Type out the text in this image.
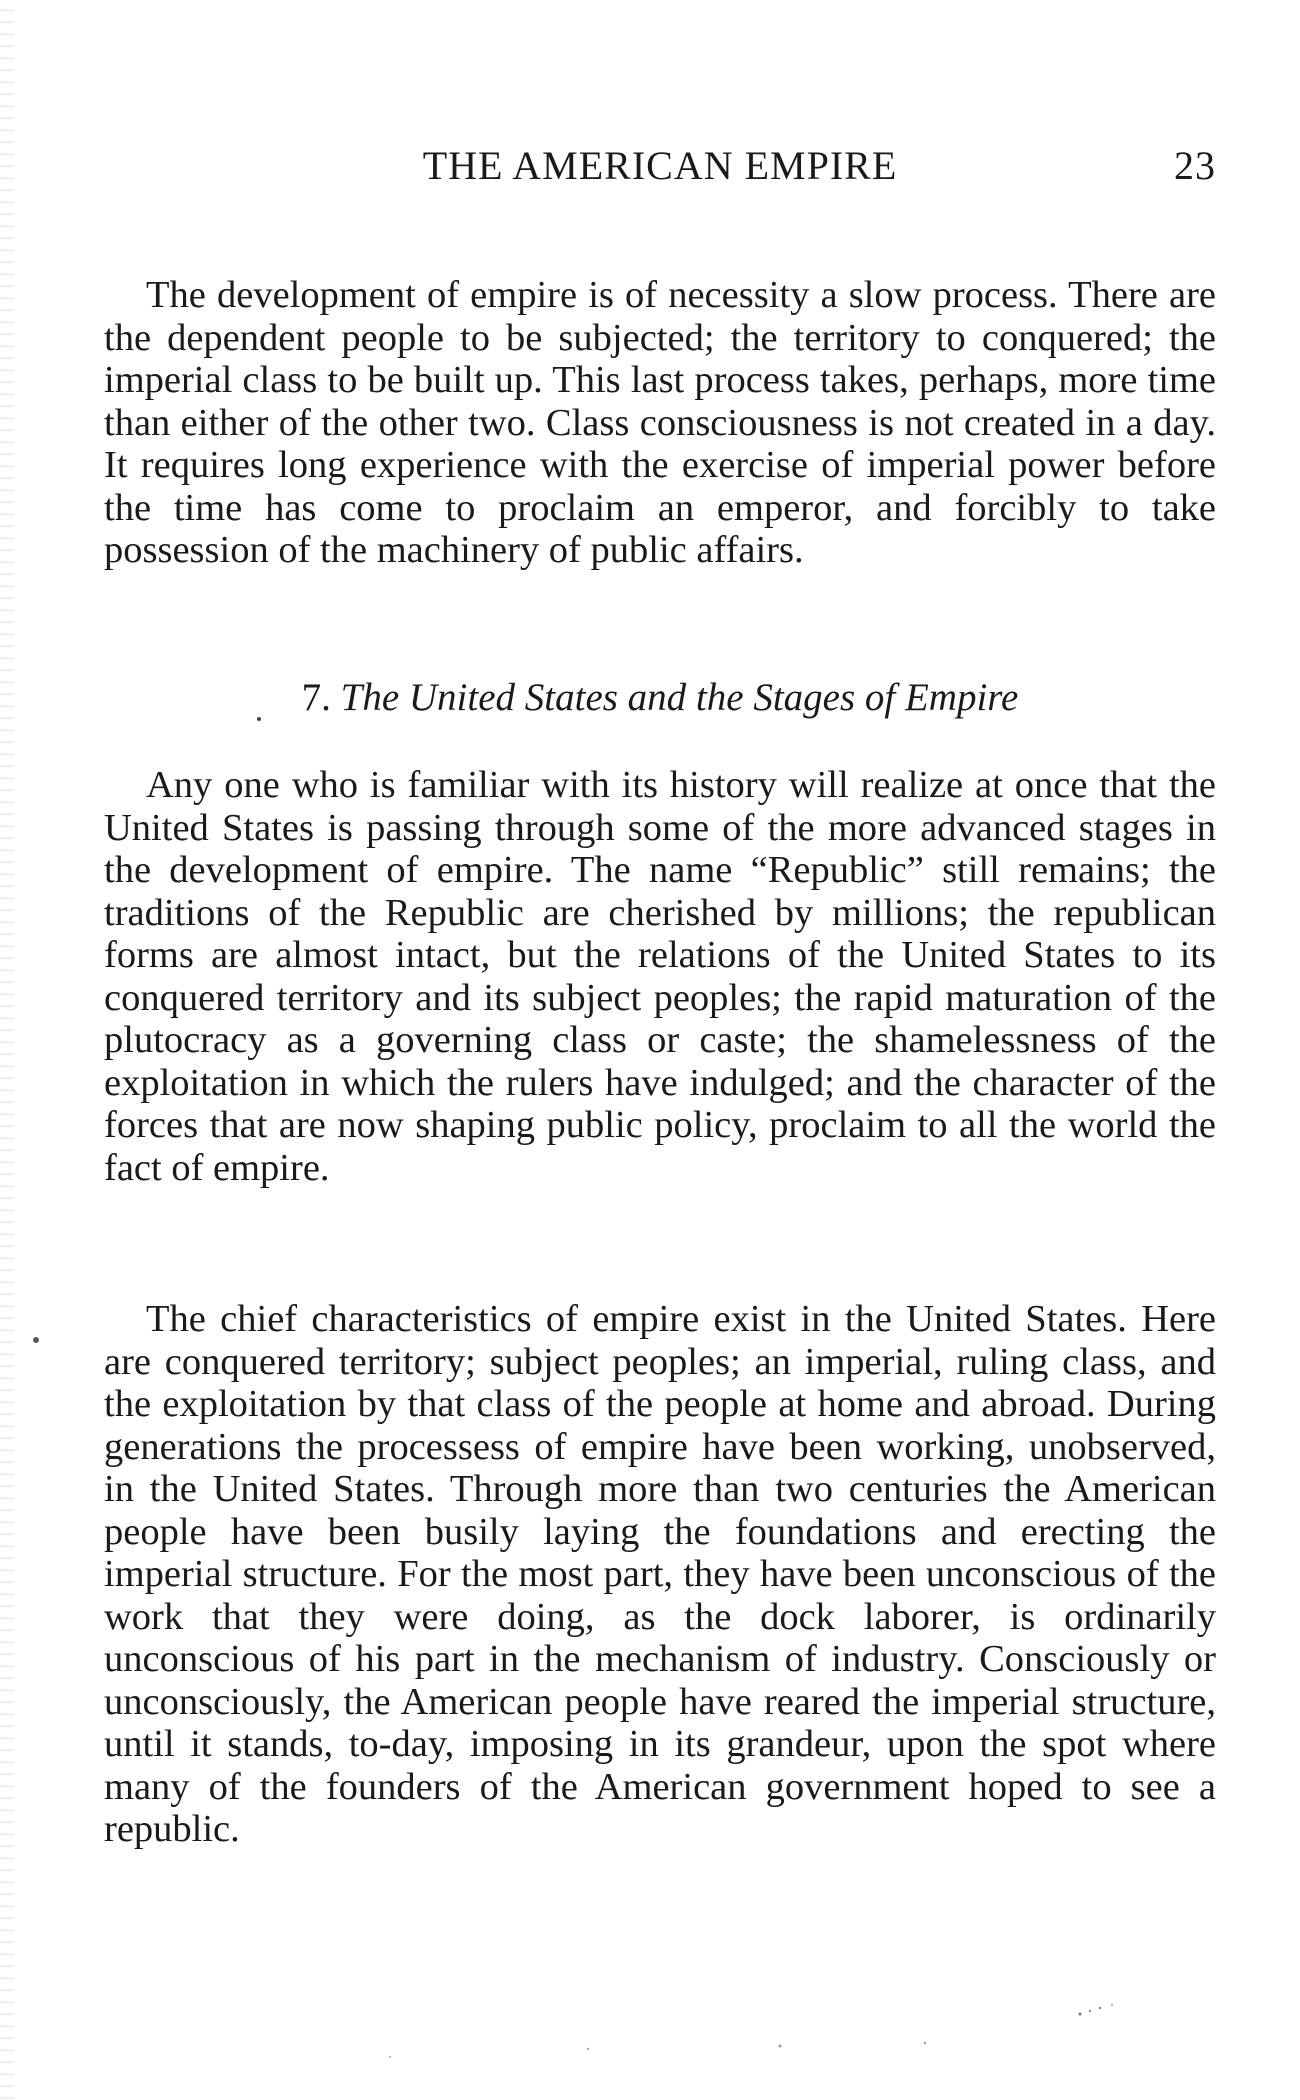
THE AMERICAN EMPIRE	23

The development of empire is of necessity a slow process. There are the dependent people to be subjected; the territory to conquered; the imperial class to be built up. This last process takes, perhaps, more time than either of the other two. Class consciousness is not created in a day. It requires long experience with the exercise of imperial power before the time has come to proclaim an emperor, and forcibly to take possession of the machinery of public affairs.

7. The United States and the Stages of Empire

Any one who is familiar with its history will realize at once that the United States is passing through some of the more advanced stages in the development of empire. The name “Republic” still remains; the traditions of the Republic are cherished by millions; the republican forms are almost intact, but the relations of the United States to its conquered territory and its subject peoples; the rapid maturation of the plutocracy as a governing class or caste; the shamelessness of the exploitation in which the rulers have indulged; and the character of the forces that are now shaping public policy, proclaim to all the world the fact of empire.

The chief characteristics of empire exist in the United States. Here are conquered territory; subject peoples; an imperial, ruling class, and the exploitation by that class of the people at home and abroad. During generations the processess of empire have been working, unobserved, in the United States. Through more than two centuries the American people have been busily laying the foundations and erecting the imperial structure. For the most part, they have been unconscious of the work that they were doing, as the dock laborer, is ordinarily unconscious of his part in the mechanism of industry. Consciously or unconsciously, the American people have reared the imperial structure, until it stands, to-day, imposing in its grandeur, upon the spot where many of the founders of the American government hoped to see a republic.
